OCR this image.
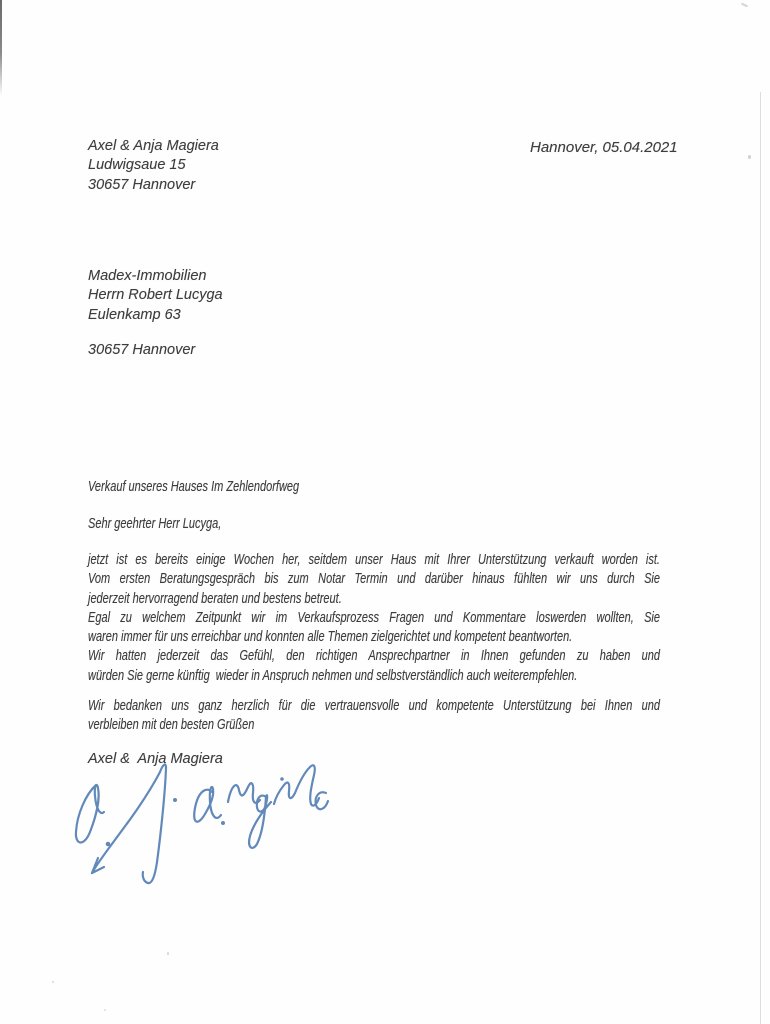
Axel & Anja Magiera
Ludwigsaue 15
30657 Hannover
Hannover, 05.04.2021
Madex-Immobilien
Herrn Robert Lucyga
Eulenkamp 63
30657 Hannover
Verkauf unseres Hauses Im Zehlendorfweg
Sehr geehrter Herr Lucyga,
jetzt ist es bereits einige Wochen her, seitdem unser Haus mit Ihrer Unterstützung verkauft worden ist.
Vom ersten Beratungsgespräch bis zum Notar Termin und darüber hinaus fühlten wir uns durch Sie
jederzeit hervorragend beraten und bestens betreut.
Egal zu welchem Zeitpunkt wir im Verkaufsprozess Fragen und Kommentare loswerden wollten, Sie
waren immer für uns erreichbar und konnten alle Themen zielgerichtet und kompetent beantworten.
Wir hatten jederzeit das Gefühl, den richtigen Ansprechpartner in Ihnen gefunden zu haben und
würden Sie gerne künftig  wieder in Anspruch nehmen und selbstverständlich auch weiterempfehlen.
Wir bedanken uns ganz herzlich für die vertrauensvolle und kompetente Unterstützung bei Ihnen und
verbleiben mit den besten Grüßen
Axel &  Anja Magiera
